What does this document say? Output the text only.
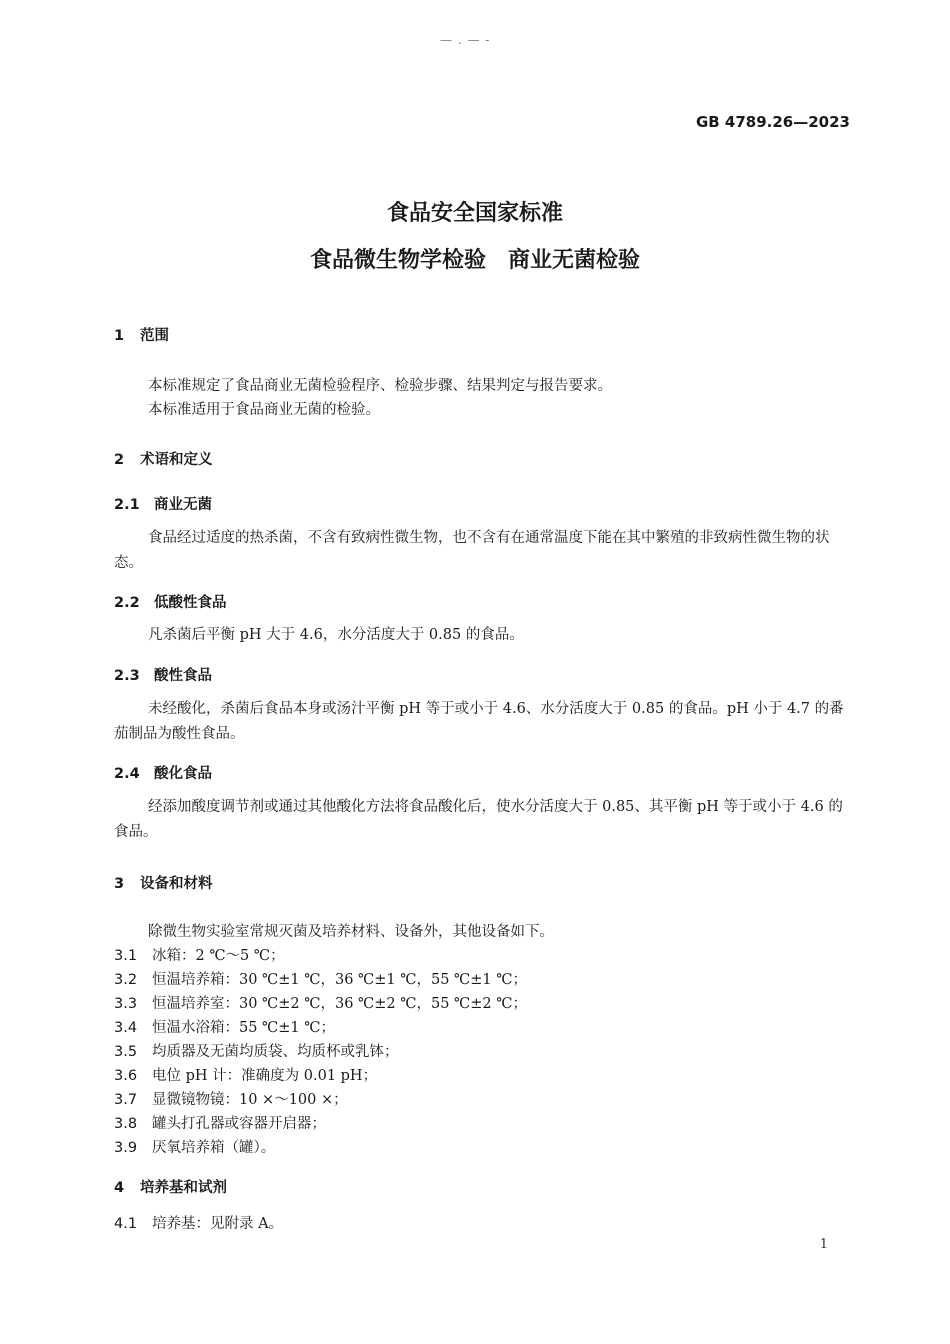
— . — -
GB 4789.26—2023
食品安全国家标准
食品微生物学检验　商业无菌检验
1 范围
本标准规定了食品商业无菌检验程序、检验步骤、结果判定与报告要求。
本标准适用于食品商业无菌的检验。
2 术语和定义
2.1 商业无菌
食品经过适度的热杀菌，不含有致病性微生物，也不含有在通常温度下能在其中繁殖的非致病性微生物的状态。
2.2 低酸性食品
凡杀菌后平衡 pH 大于 4.6，水分活度大于 0.85 的食品。
2.3 酸性食品
未经酸化，杀菌后食品本身或汤汁平衡 pH 等于或小于 4.6、水分活度大于 0.85 的食品。pH 小于 4.7 的番茄制品为酸性食品。
2.4 酸化食品
经添加酸度调节剂或通过其他酸化方法将食品酸化后，使水分活度大于 0.85、其平衡 pH 等于或小于 4.6 的食品。
3 设备和材料
除微生物实验室常规灭菌及培养材料、设备外，其他设备如下。
3.1 冰箱：2 ℃～5 ℃；
3.2 恒温培养箱：30 ℃±1 ℃，36 ℃±1 ℃，55 ℃±1 ℃；
3.3 恒温培养室：30 ℃±2 ℃，36 ℃±2 ℃，55 ℃±2 ℃；
3.4 恒温水浴箱：55 ℃±1 ℃；
3.5 均质器及无菌均质袋、均质杯或乳钵；
3.6 电位 pH 计：准确度为 0.01 pH；
3.7 显微镜物镜：10 ×～100 ×；
3.8 罐头打孔器或容器开启器；
3.9 厌氧培养箱（罐）。
4 培养基和试剂
4.1 培养基：见附录 A。
1
